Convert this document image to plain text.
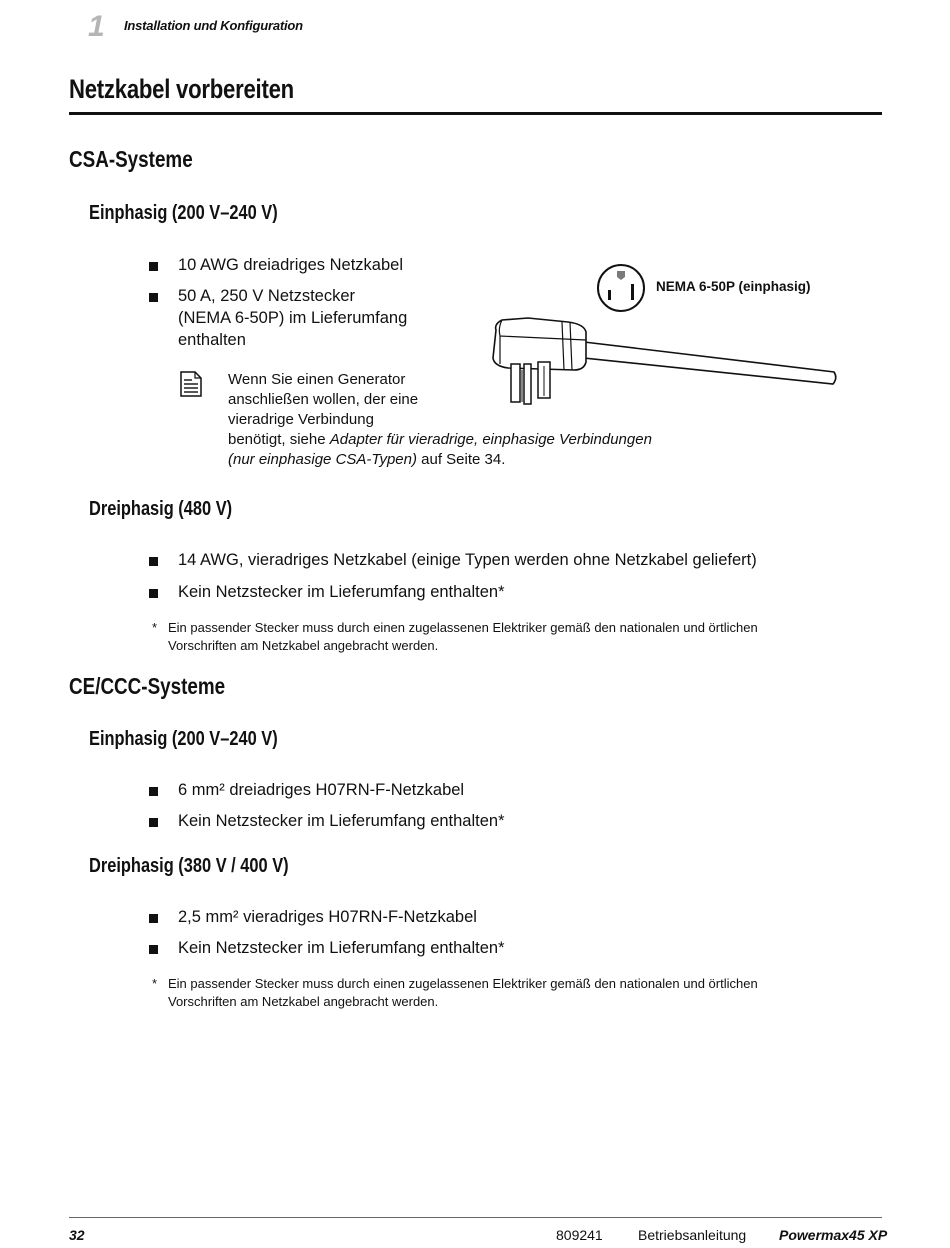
1 Installation und Konfiguration
Netzkabel vorbereiten
CSA-Systeme
Einphasig (200 V–240 V)
10 AWG dreiadriges Netzkabel
50 A, 250 V Netzstecker
(NEMA 6-50P) im Lieferumfang
enthalten
Wenn Sie einen Generator
anschließen wollen, der eine
vieradrige Verbindung
benötigt, siehe Adapter für vieradrige, einphasige Verbindungen
(nur einphasige CSA-Typen) auf Seite 34.
NEMA 6-50P (einphasig)
Dreiphasig (480 V)
14 AWG, vieradriges Netzkabel (einige Typen werden ohne Netzkabel geliefert)
Kein Netzstecker im Lieferumfang enthalten*
* Ein passender Stecker muss durch einen zugelassenen Elektriker gemäß den nationalen und örtlichen
Vorschriften am Netzkabel angebracht werden.
CE/CCC-Systeme
Einphasig (200 V–240 V)
6 mm² dreiadriges H07RN-F-Netzkabel
Kein Netzstecker im Lieferumfang enthalten*
Dreiphasig (380 V / 400 V)
2,5 mm² vieradriges H07RN-F-Netzkabel
Kein Netzstecker im Lieferumfang enthalten*
* Ein passender Stecker muss durch einen zugelassenen Elektriker gemäß den nationalen und örtlichen
Vorschriften am Netzkabel angebracht werden.
32	809241	Betriebsanleitung Powermax45 XP
